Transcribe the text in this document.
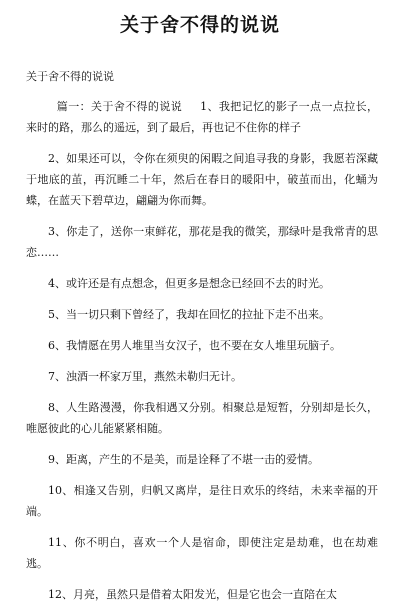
关于舍不得的说说
关于舍不得的说说

篇一：关于舍不得的说说 1、我把记忆的影子一点一点拉长，来时的路，那么的遥远，到了最后，再也记不住你的样子

2、如果还可以，令你在须臾的闲暇之间追寻我的身影，我愿若深藏于地底的茧，再沉睡二十年，然后在春日的暖阳中，破茧而出，化蛹为蝶，在蓝天下碧草边，翩翩为你而舞。

3、你走了，送你一束鲜花，那花是我的微笑，那绿叶是我常青的思恋……

4、或许还是有点想念，但更多是想念已经回不去的时光。

5、当一切只剩下曾经了，我却在回忆的拉扯下走不出来。

6、我情愿在男人堆里当女汉子，也不要在女人堆里玩脑子。

7、浊酒一杯家万里，燕然未勒归无计。

8、人生路漫漫，你我相遇又分别。相聚总是短暂，分别却是长久，唯愿彼此的心儿能紧紧相随。

9、距离，产生的不是美，而是诠释了不堪一击的爱情。

10、相逢又告别，归帆又离岸，是往日欢乐的终结，未来幸福的开端。

11、你不明白，喜欢一个人是宿命，即使注定是劫难，也在劫难逃。

12、月亮，虽然只是借着太阳发光，但是它也会一直陪在太
